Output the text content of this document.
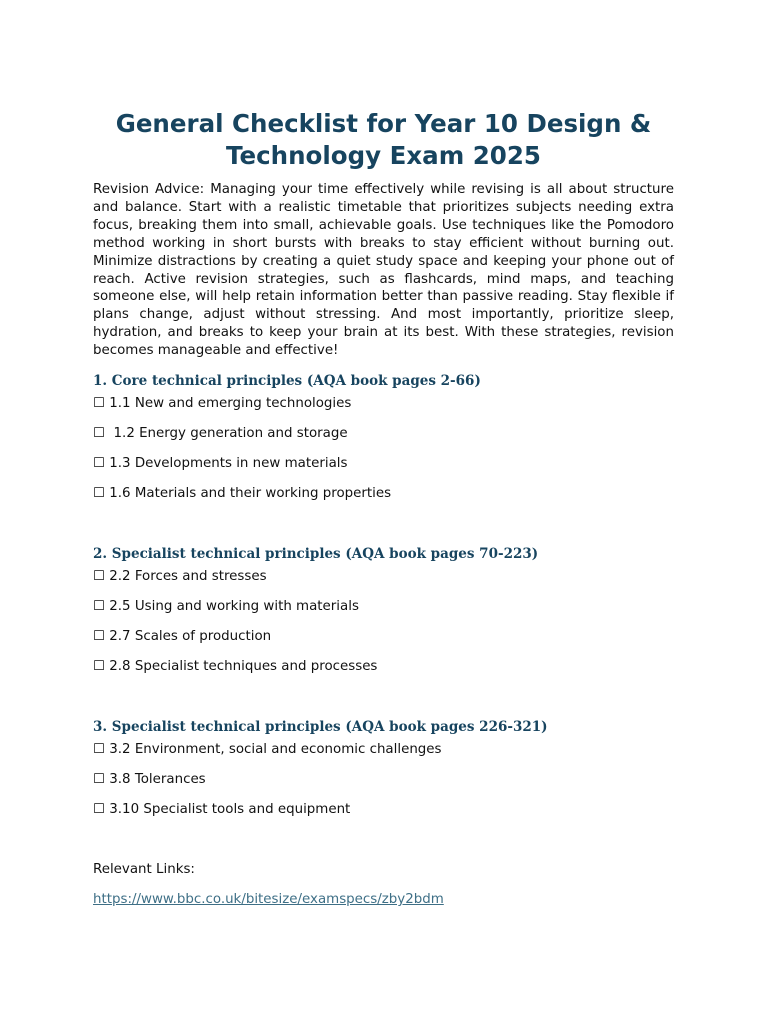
General Checklist for Year 10 Design & Technology Exam 2025

Revision Advice: Managing your time effectively while revising is all about structure and balance. Start with a realistic timetable that prioritizes subjects needing extra focus, breaking them into small, achievable goals. Use techniques like the Pomodoro method working in short bursts with breaks to stay efficient without burning out. Minimize distractions by creating a quiet study space and keeping your phone out of reach. Active revision strategies, such as flashcards, mind maps, and teaching someone else, will help retain information better than passive reading. Stay flexible if plans change, adjust without stressing. And most importantly, prioritize sleep, hydration, and breaks to keep your brain at its best. With these strategies, revision becomes manageable and effective!

1. Core technical principles (AQA book pages 2-66)
☐ 1.1 New and emerging technologies
☐  1.2 Energy generation and storage
☐ 1.3 Developments in new materials
☐ 1.6 Materials and their working properties
2. Specialist technical principles (AQA book pages 70-223)
☐ 2.2 Forces and stresses
☐ 2.5 Using and working with materials
☐ 2.7 Scales of production
☐ 2.8 Specialist techniques and processes
3. Specialist technical principles (AQA book pages 226-321)
☐ 3.2 Environment, social and economic challenges
☐ 3.8 Tolerances
☐ 3.10 Specialist tools and equipment

Relevant Links:

https://www.bbc.co.uk/bitesize/examspecs/zby2bdm
